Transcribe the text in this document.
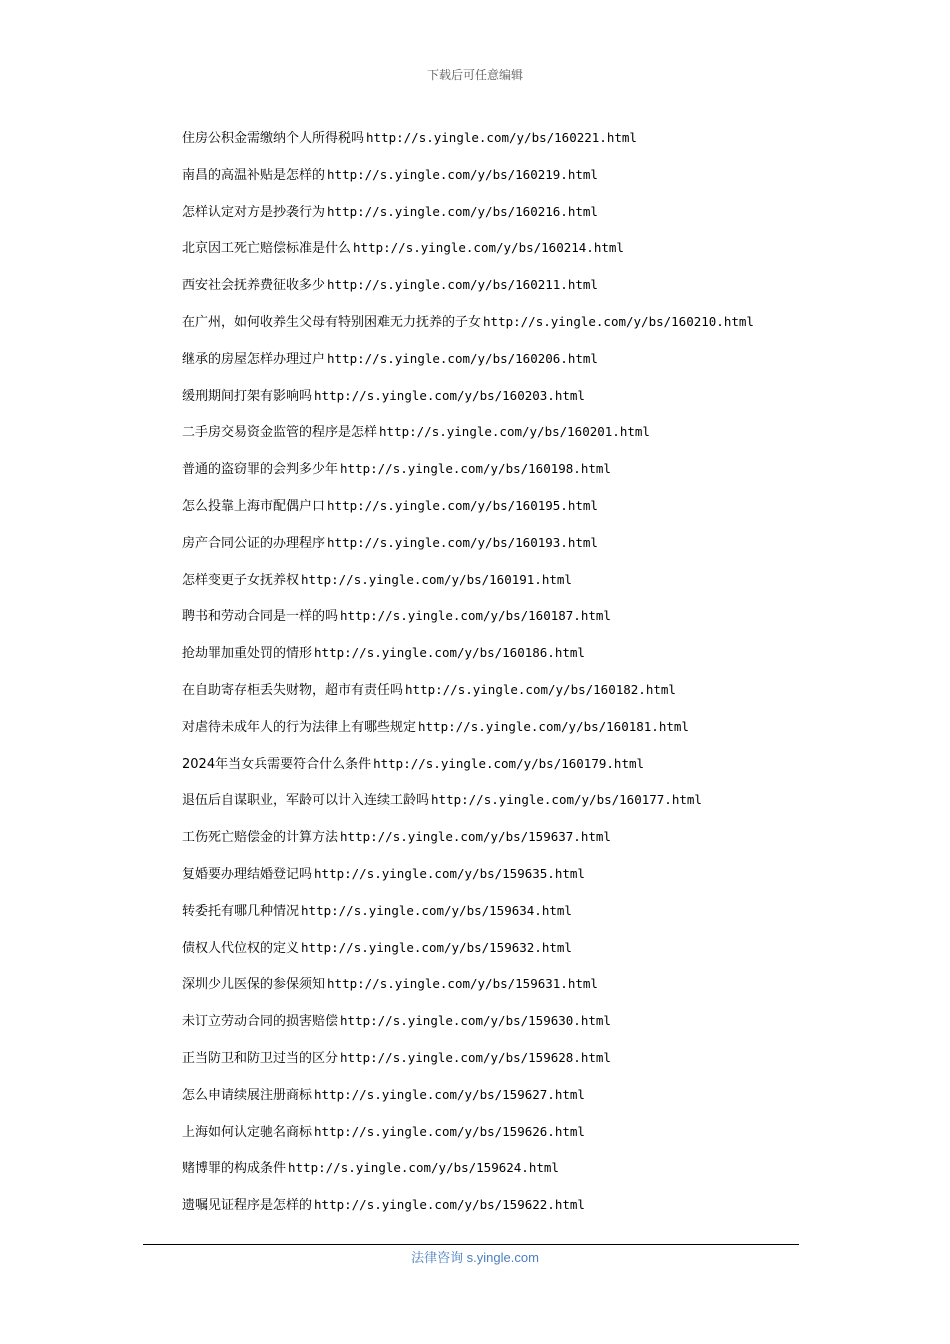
下载后可任意编辑
住房公积金需缴纳个人所得税吗 http://s.yingle.com/y/bs/160221.html
南昌的高温补贴是怎样的 http://s.yingle.com/y/bs/160219.html
怎样认定对方是抄袭行为 http://s.yingle.com/y/bs/160216.html
北京因工死亡赔偿标准是什么 http://s.yingle.com/y/bs/160214.html
西安社会抚养费征收多少 http://s.yingle.com/y/bs/160211.html
在广州，如何收养生父母有特别困难无力抚养的子女 http://s.yingle.com/y/bs/160210.html
继承的房屋怎样办理过户 http://s.yingle.com/y/bs/160206.html
缓刑期间打架有影响吗 http://s.yingle.com/y/bs/160203.html
二手房交易资金监管的程序是怎样 http://s.yingle.com/y/bs/160201.html
普通的盗窃罪的会判多少年 http://s.yingle.com/y/bs/160198.html
怎么投靠上海市配偶户口 http://s.yingle.com/y/bs/160195.html
房产合同公证的办理程序 http://s.yingle.com/y/bs/160193.html
怎样变更子女抚养权 http://s.yingle.com/y/bs/160191.html
聘书和劳动合同是一样的吗 http://s.yingle.com/y/bs/160187.html
抢劫罪加重处罚的情形 http://s.yingle.com/y/bs/160186.html
在自助寄存柜丢失财物，超市有责任吗 http://s.yingle.com/y/bs/160182.html
对虐待未成年人的行为法律上有哪些规定 http://s.yingle.com/y/bs/160181.html
2024年当女兵需要符合什么条件 http://s.yingle.com/y/bs/160179.html
退伍后自谋职业，军龄可以计入连续工龄吗 http://s.yingle.com/y/bs/160177.html
工伤死亡赔偿金的计算方法 http://s.yingle.com/y/bs/159637.html
复婚要办理结婚登记吗 http://s.yingle.com/y/bs/159635.html
转委托有哪几种情况 http://s.yingle.com/y/bs/159634.html
债权人代位权的定义 http://s.yingle.com/y/bs/159632.html
深圳少儿医保的参保须知 http://s.yingle.com/y/bs/159631.html
未订立劳动合同的损害赔偿 http://s.yingle.com/y/bs/159630.html
正当防卫和防卫过当的区分 http://s.yingle.com/y/bs/159628.html
怎么申请续展注册商标 http://s.yingle.com/y/bs/159627.html
上海如何认定驰名商标 http://s.yingle.com/y/bs/159626.html
赌博罪的构成条件 http://s.yingle.com/y/bs/159624.html
遗嘱见证程序是怎样的 http://s.yingle.com/y/bs/159622.html
法律咨询 s.yingle.com
